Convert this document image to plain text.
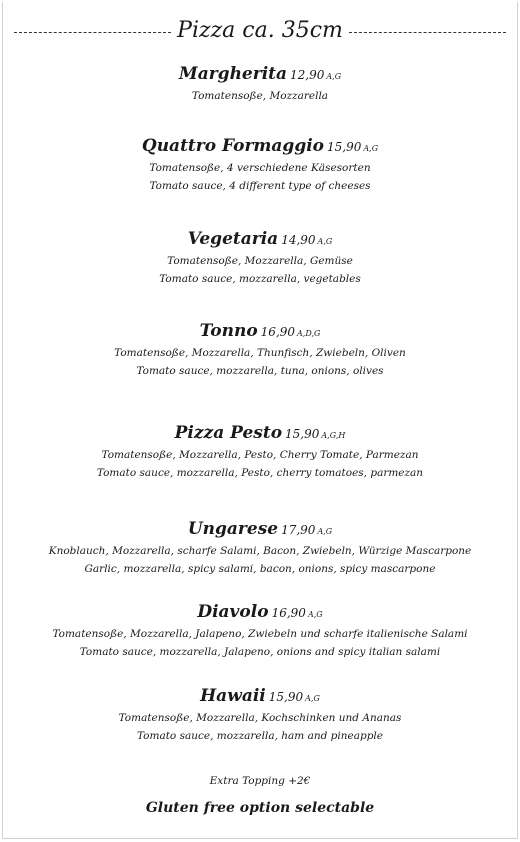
Pizza ca. 35cm
Margherita 12,90 A,G
Tomatensoße, Mozzarella
Quattro Formaggio 15,90 A,G
Tomatensoße, 4 verschiedene Käsesorten
Tomato sauce, 4 different type of cheeses
Vegetaria 14,90 A,G
Tomatensoße, Mozzarella, Gemüse
Tomato sauce, mozzarella, vegetables
Tonno 16,90 A,D,G
Tomatensoße, Mozzarella, Thunfisch, Zwiebeln, Oliven
Tomato sauce, mozzarella, tuna, onions, olives
Pizza Pesto 15,90 A,G,H
Tomatensoße, Mozzarella, Pesto, Cherry Tomate, Parmezan
Tomato sauce, mozzarella, Pesto, cherry tomatoes, parmezan
Ungarese 17,90 A,G
Knoblauch, Mozzarella, scharfe Salami, Bacon, Zwiebeln, Würzige Mascarpone
Garlic, mozzarella, spicy salami, bacon, onions, spicy mascarpone
Diavolo 16,90 A,G
Tomatensoße, Mozzarella, Jalapeno, Zwiebeln und scharfe italienische Salami
Tomato sauce, mozzarella, Jalapeno, onions and spicy italian salami
Hawaii 15,90 A,G
Tomatensoße, Mozzarella, Kochschinken und Ananas
Tomato sauce, mozzarella, ham and pineapple
Extra Topping +2€
Gluten free option selectable
